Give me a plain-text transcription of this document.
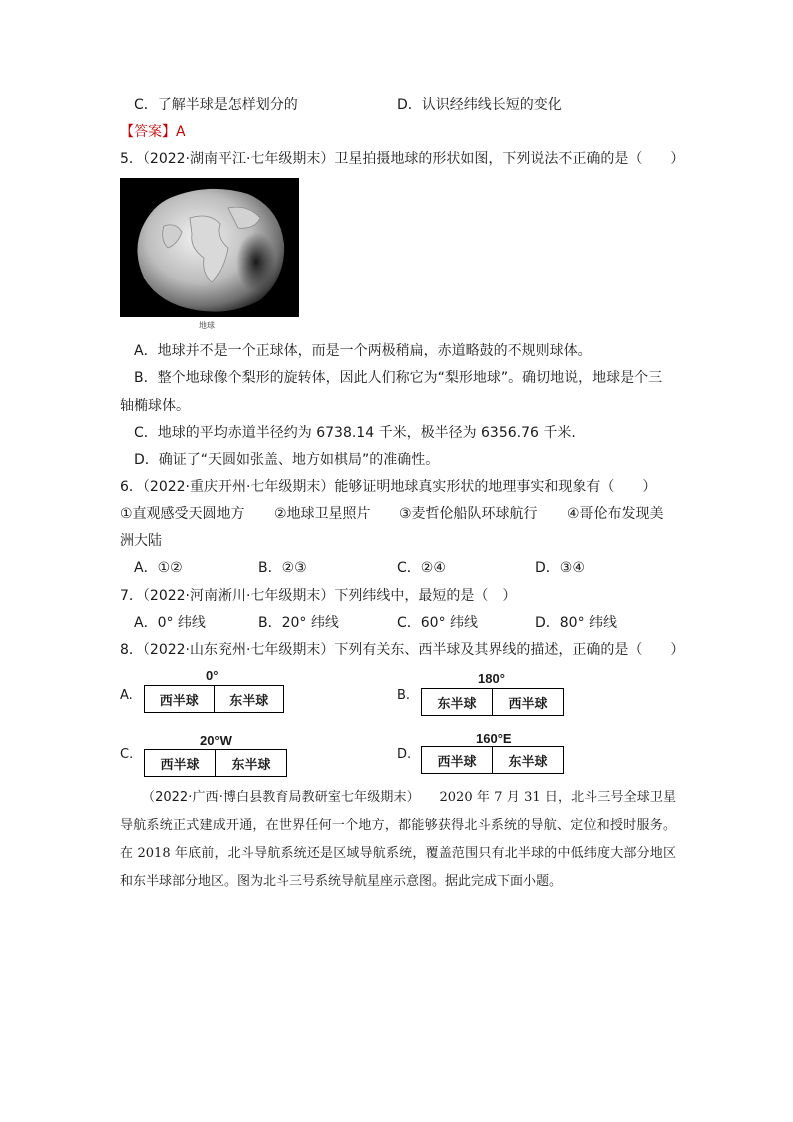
C．了解半球是怎样划分的	D．认识经纬线长短的变化
【答案】A
5．（2022·湖南平江·七年级期末）卫星拍摄地球的形状如图，下列说法不正确的是（　　）
地球
A．地球并不是一个正球体，而是一个两极稍扁，赤道略鼓的不规则球体。
B．整个地球像个梨形的旋转体，因此人们称它为“梨形地球”。确切地说，地球是个三
轴椭球体。
C．地球的平均赤道半径约为 6738.14 千米，极半径为 6356.76 千米.
D．确证了“天圆如张盖、地方如棋局”的准确性。
6．（2022·重庆开州·七年级期末）能够证明地球真实形状的地理事实和现象有（　　）
①直观感受天圆地方 ②地球卫星照片 ③麦哲伦船队环球航行 ④哥伦布发现美
洲大陆
A．①②	B．②③	C．②④	D．③④
7．（2022·河南淅川·七年级期末）下列纬线中，最短的是（　）
A．0° 纬线	B．20° 纬线	C．60° 纬线	D．80° 纬线
8．（2022·山东兖州·七年级期末）下列有关东、西半球及其界线的描述，正确的是（　　）
A.
0°
西半球	东半球	B.
180°
东半球	西半球
C.
20°W
西半球	东半球
D.
160°E
西半球	东半球
（2022·广西·博白县教育局教研室七年级期末）　　 2020 年 7 月 31 日，北斗三号全球卫星导航系统正式建成开通，在世界任何一个地方，都能够获得北斗系统的导航、定位和授时服务。在 2018 年底前，北斗导航系统还是区域导航系统，覆盖范围只有北半球的中低纬度大部分地区和东半球部分地区。图为北斗三号系统导航星座示意图。据此完成下面小题。
